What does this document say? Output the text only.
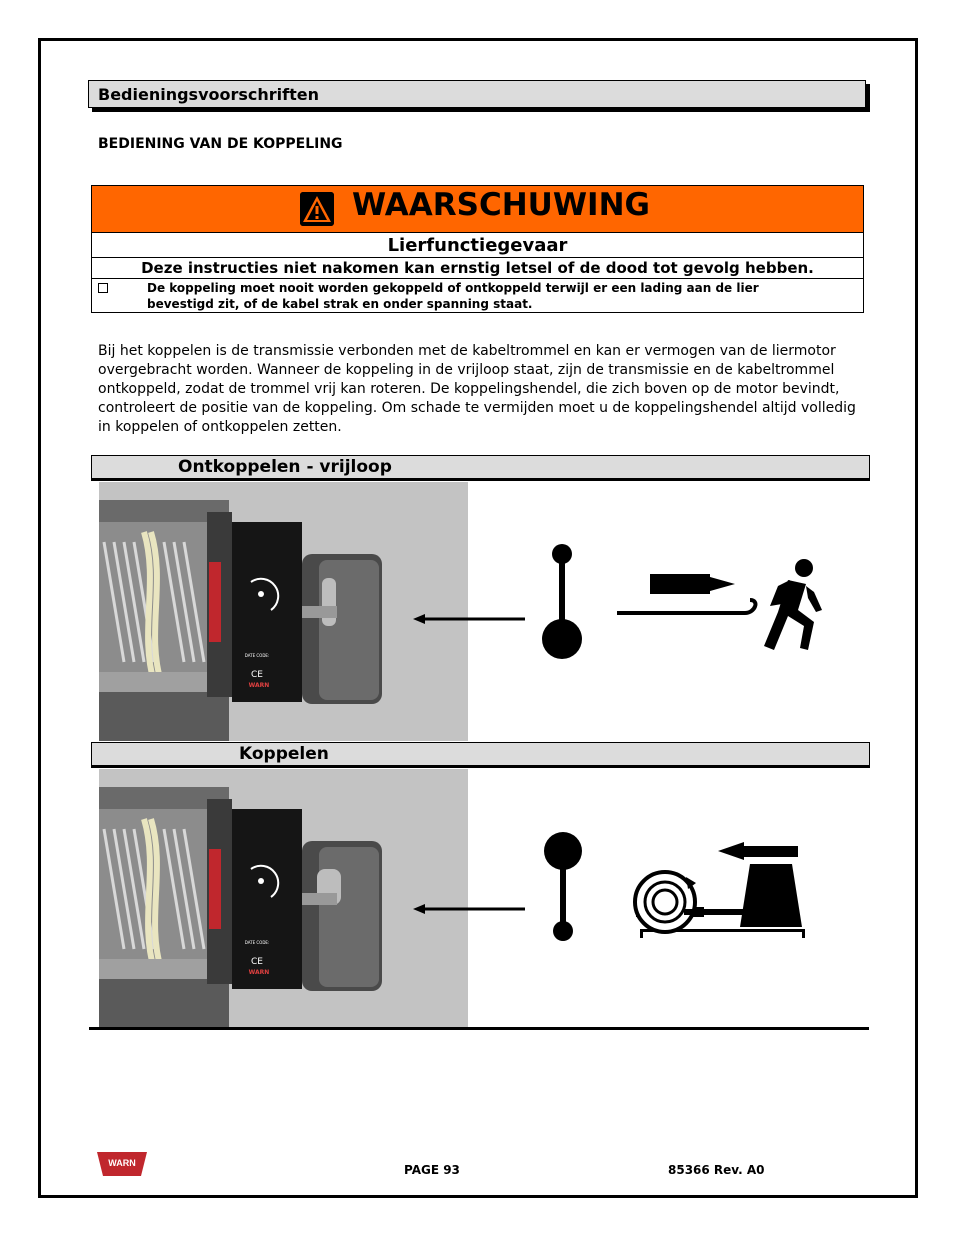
Bedieningsvoorschriften
BEDIENING VAN DE KOPPELING
WAARSCHUWING
Lierfunctiegevaar
Deze instructies niet nakomen kan ernstig letsel of de dood tot gevolg hebben.
De koppeling moet nooit worden gekoppeld of ontkoppeld terwijl er een lading aan de lier bevestigd zit, of de kabel strak en onder spanning staat.
Bij het koppelen is de transmissie verbonden met de kabeltrommel en kan er vermogen van de liermotor overgebracht worden. Wanneer de koppeling in de vrijloop staat, zijn de transmissie en de kabeltrommel ontkoppeld, zodat de trommel vrij kan roteren. De koppelingshendel, die zich boven op de motor bevindt, controleert de positie van de koppeling. Om schade te vermijden moet u de koppelingshendel altijd volledig in koppelen of ontkoppelen zetten.
Ontkoppelen - vrijloop
WARN
CE
DATE CODE:
Koppelen
WARN
CE
DATE CODE:
WARN	PAGE 93	85366 Rev. A0
